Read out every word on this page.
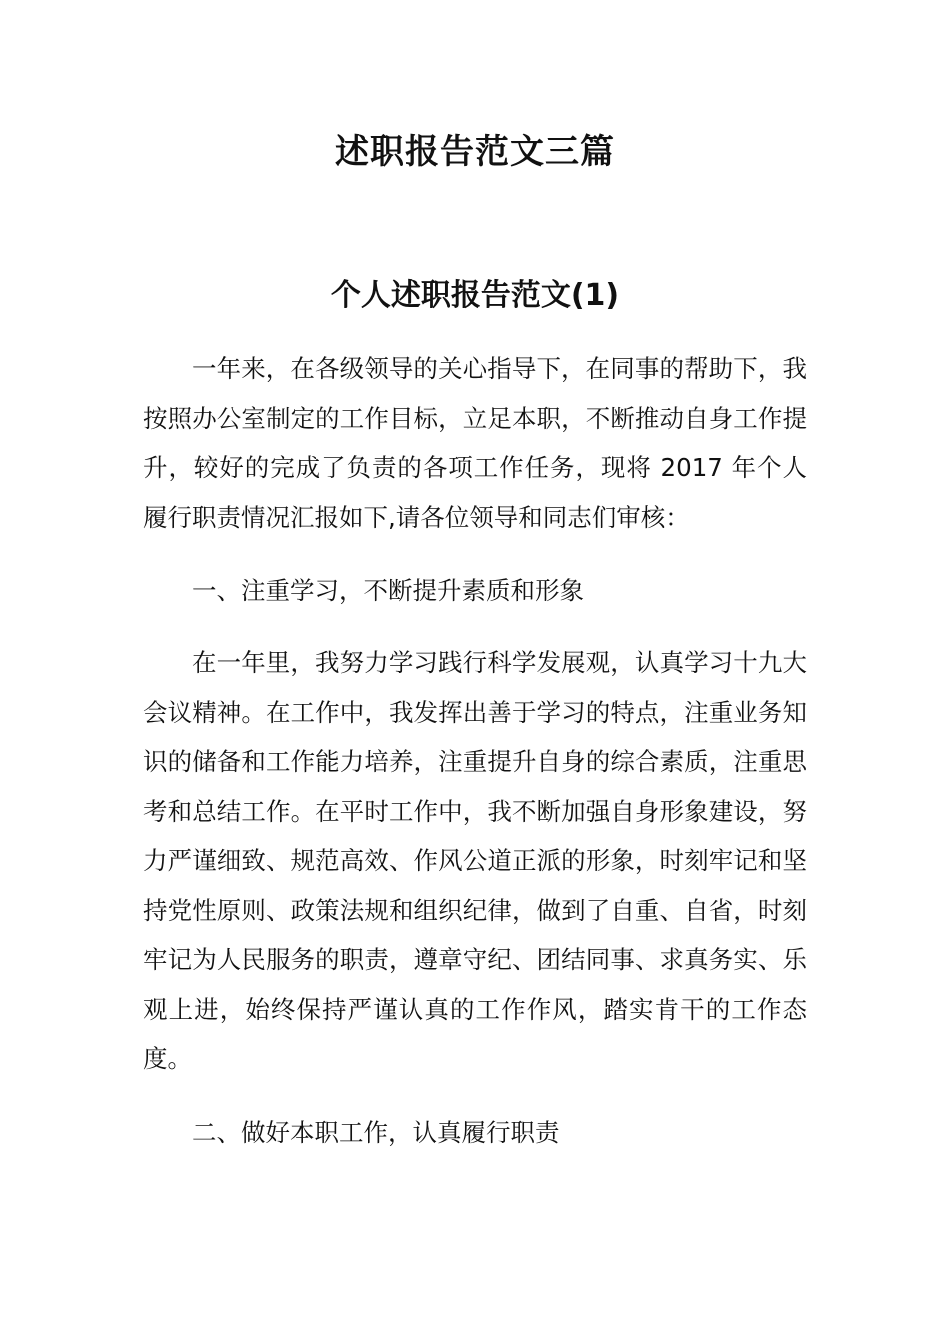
述职报告范文三篇
个人述职报告范文(1)

一年来，在各级领导的关心指导下，在同事的帮助下，我按照办公室制定的工作目标，立足本职，不断推动自身工作提升，较好的完成了负责的各项工作任务，现将 2017 年个人履行职责情况汇报如下,请各位领导和同志们审核：

一、注重学习，不断提升素质和形象

在一年里，我努力学习践行科学发展观，认真学习十九大会议精神。在工作中，我发挥出善于学习的特点，注重业务知识的储备和工作能力培养，注重提升自身的综合素质，注重思考和总结工作。在平时工作中，我不断加强自身形象建设，努力严谨细致、规范高效、作风公道正派的形象，时刻牢记和坚持党性原则、政策法规和组织纪律，做到了自重、自省，时刻牢记为人民服务的职责，遵章守纪、团结同事、求真务实、乐观上进，始终保持严谨认真的工作作风，踏实肯干的工作态度。

二、做好本职工作，认真履行职责
